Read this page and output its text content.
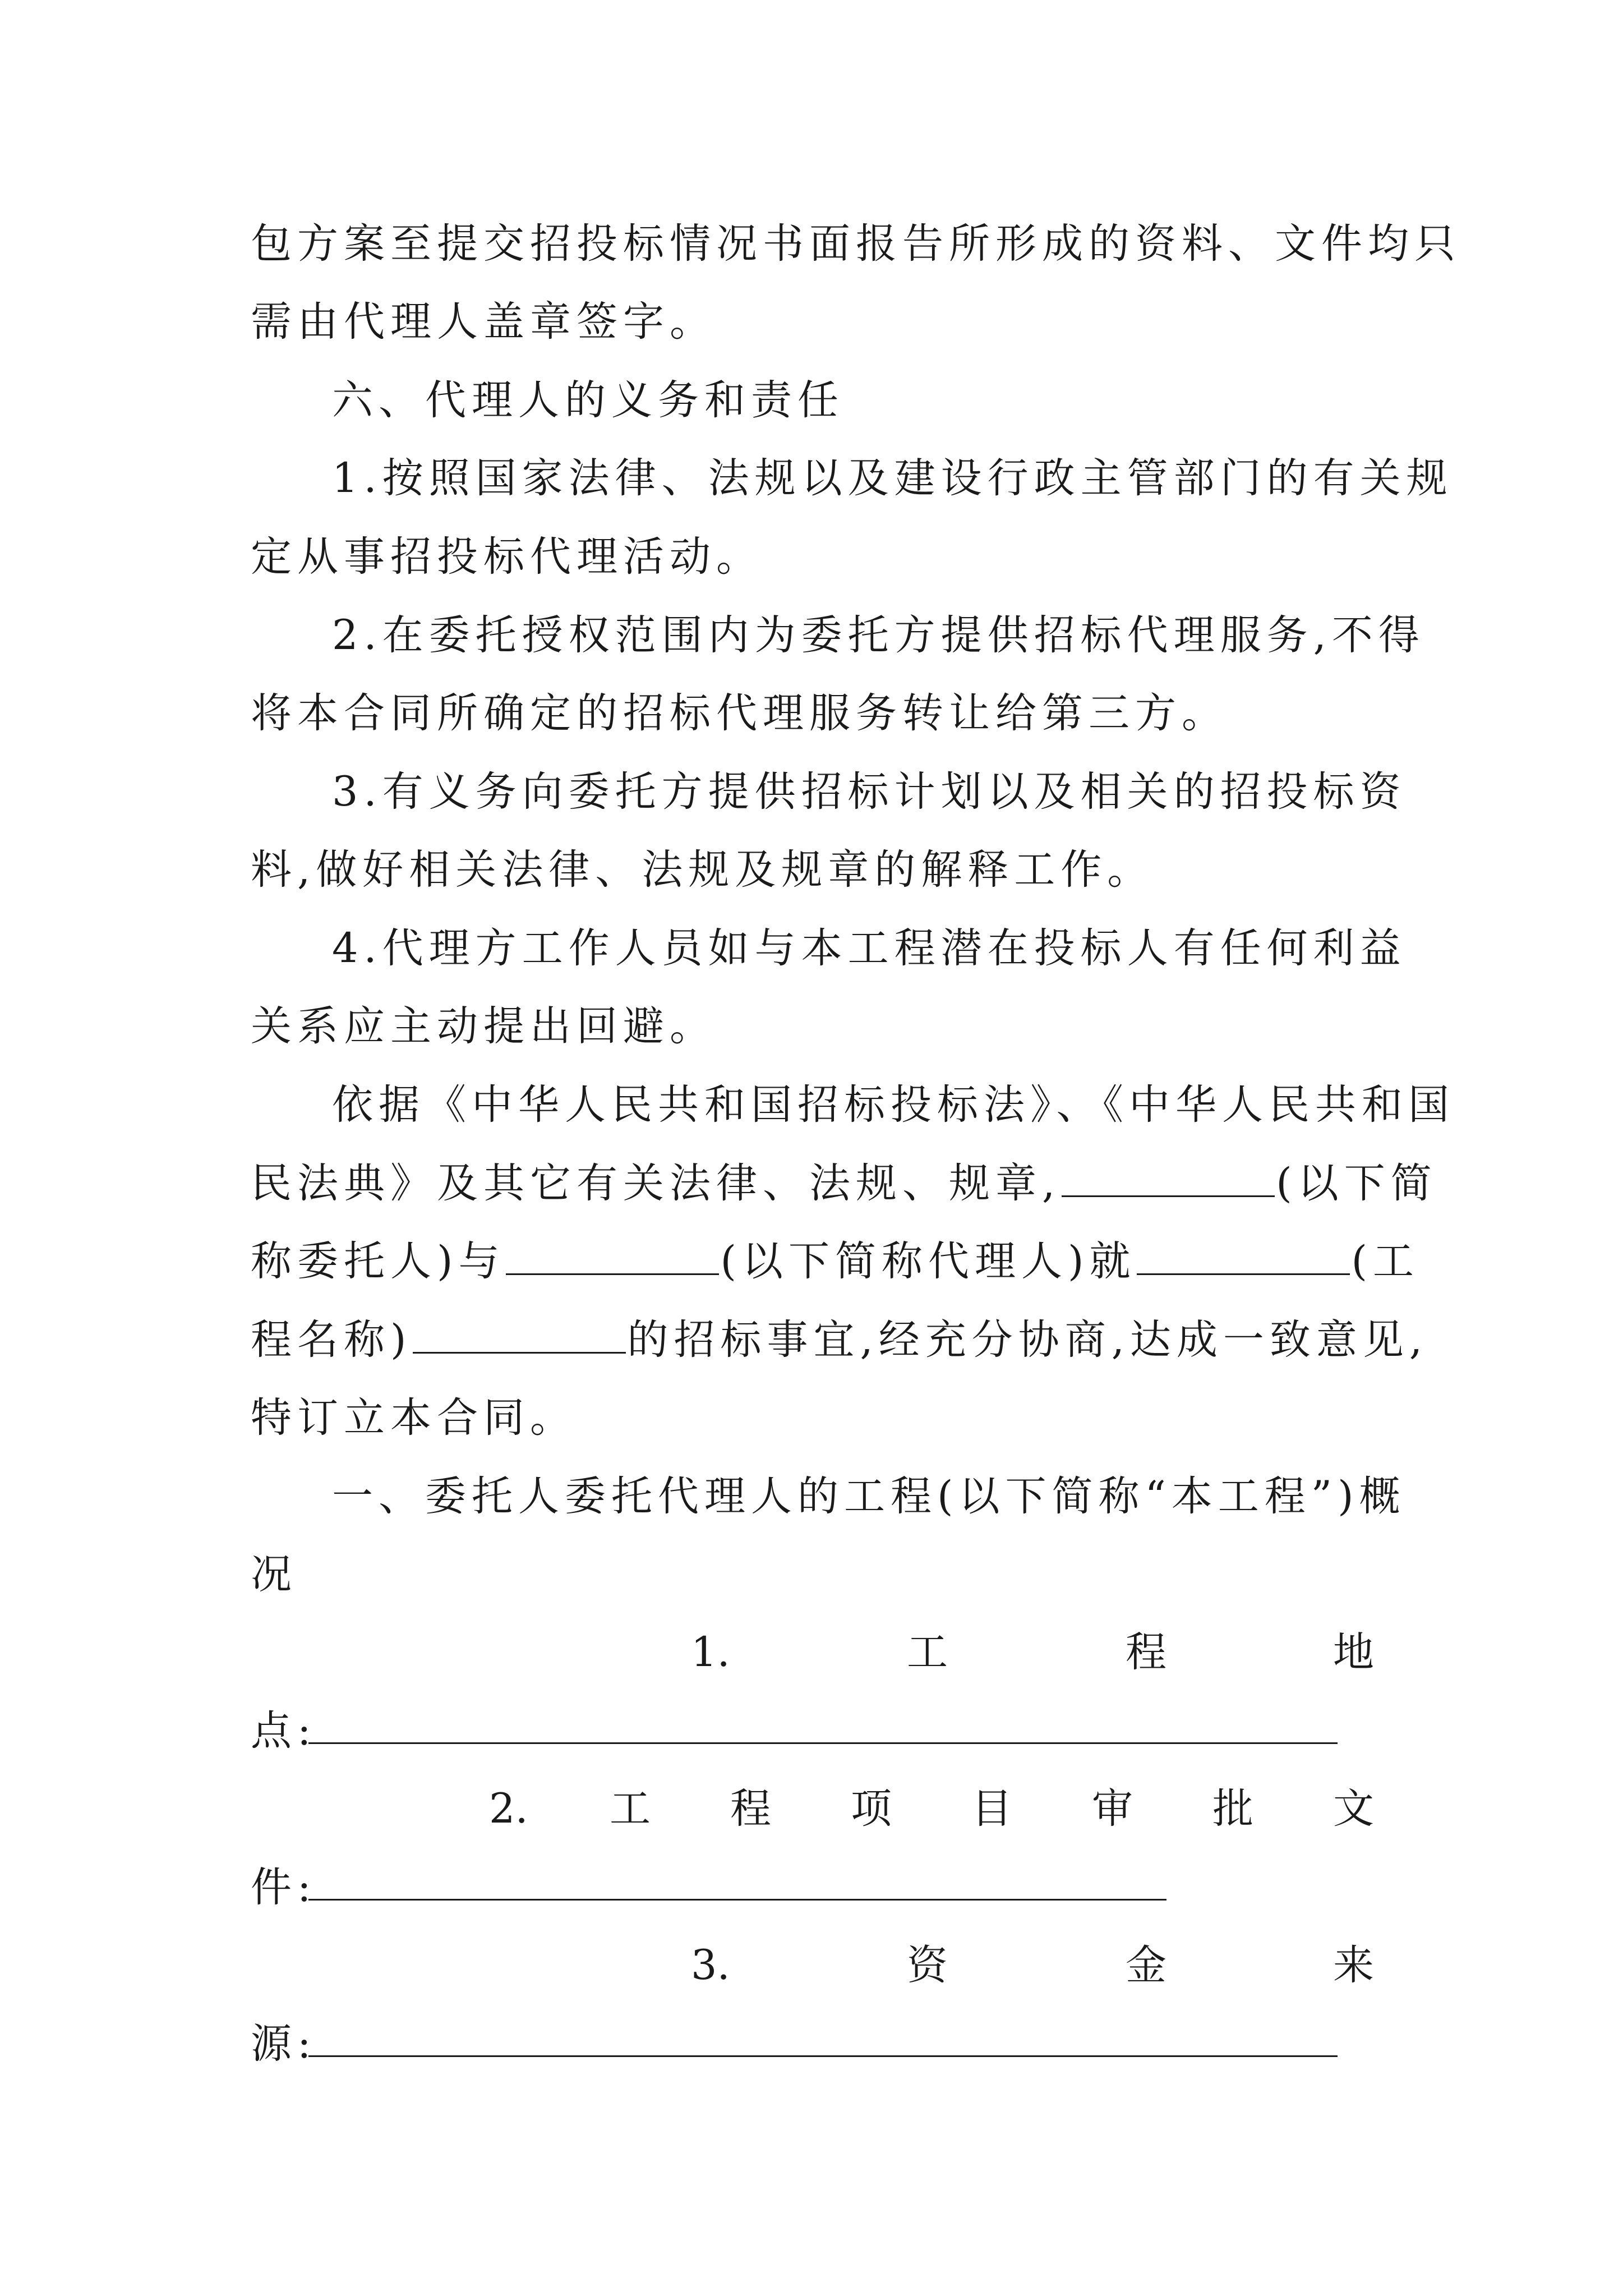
包方案至提交招投标情况书面报告所形成的资料、文件均只
需由代理人盖章签字。
六、代理人的义务和责任
1.按照国家法律、法规以及建设行政主管部门的有关规
定从事招投标代理活动。
2.在委托授权范围内为委托方提供招标代理服务,不得
将本合同所确定的招标代理服务转让给第三方。
3.有义务向委托方提供招标计划以及相关的招投标资
料,做好相关法律、法规及规章的解释工作。
4.代理方工作人员如与本工程潜在投标人有任何利益
关系应主动提出回避。
依据《中华人民共和国招标投标法》、《中华人民共和国
民法典》及其它有关法律、法规、规章,	(以下简
称委托人)与	(以下简称代理人)就	(工
程名称)	的招标事宜,经充分协商,达成一致意见,
特订立本合同。
一、委托人委托代理人的工程(以下简称“本工程”)概
况
1.	工	程	地
点:
2. 工 程 项 目 审 批 文
件:
3.	资	金	来
源:
